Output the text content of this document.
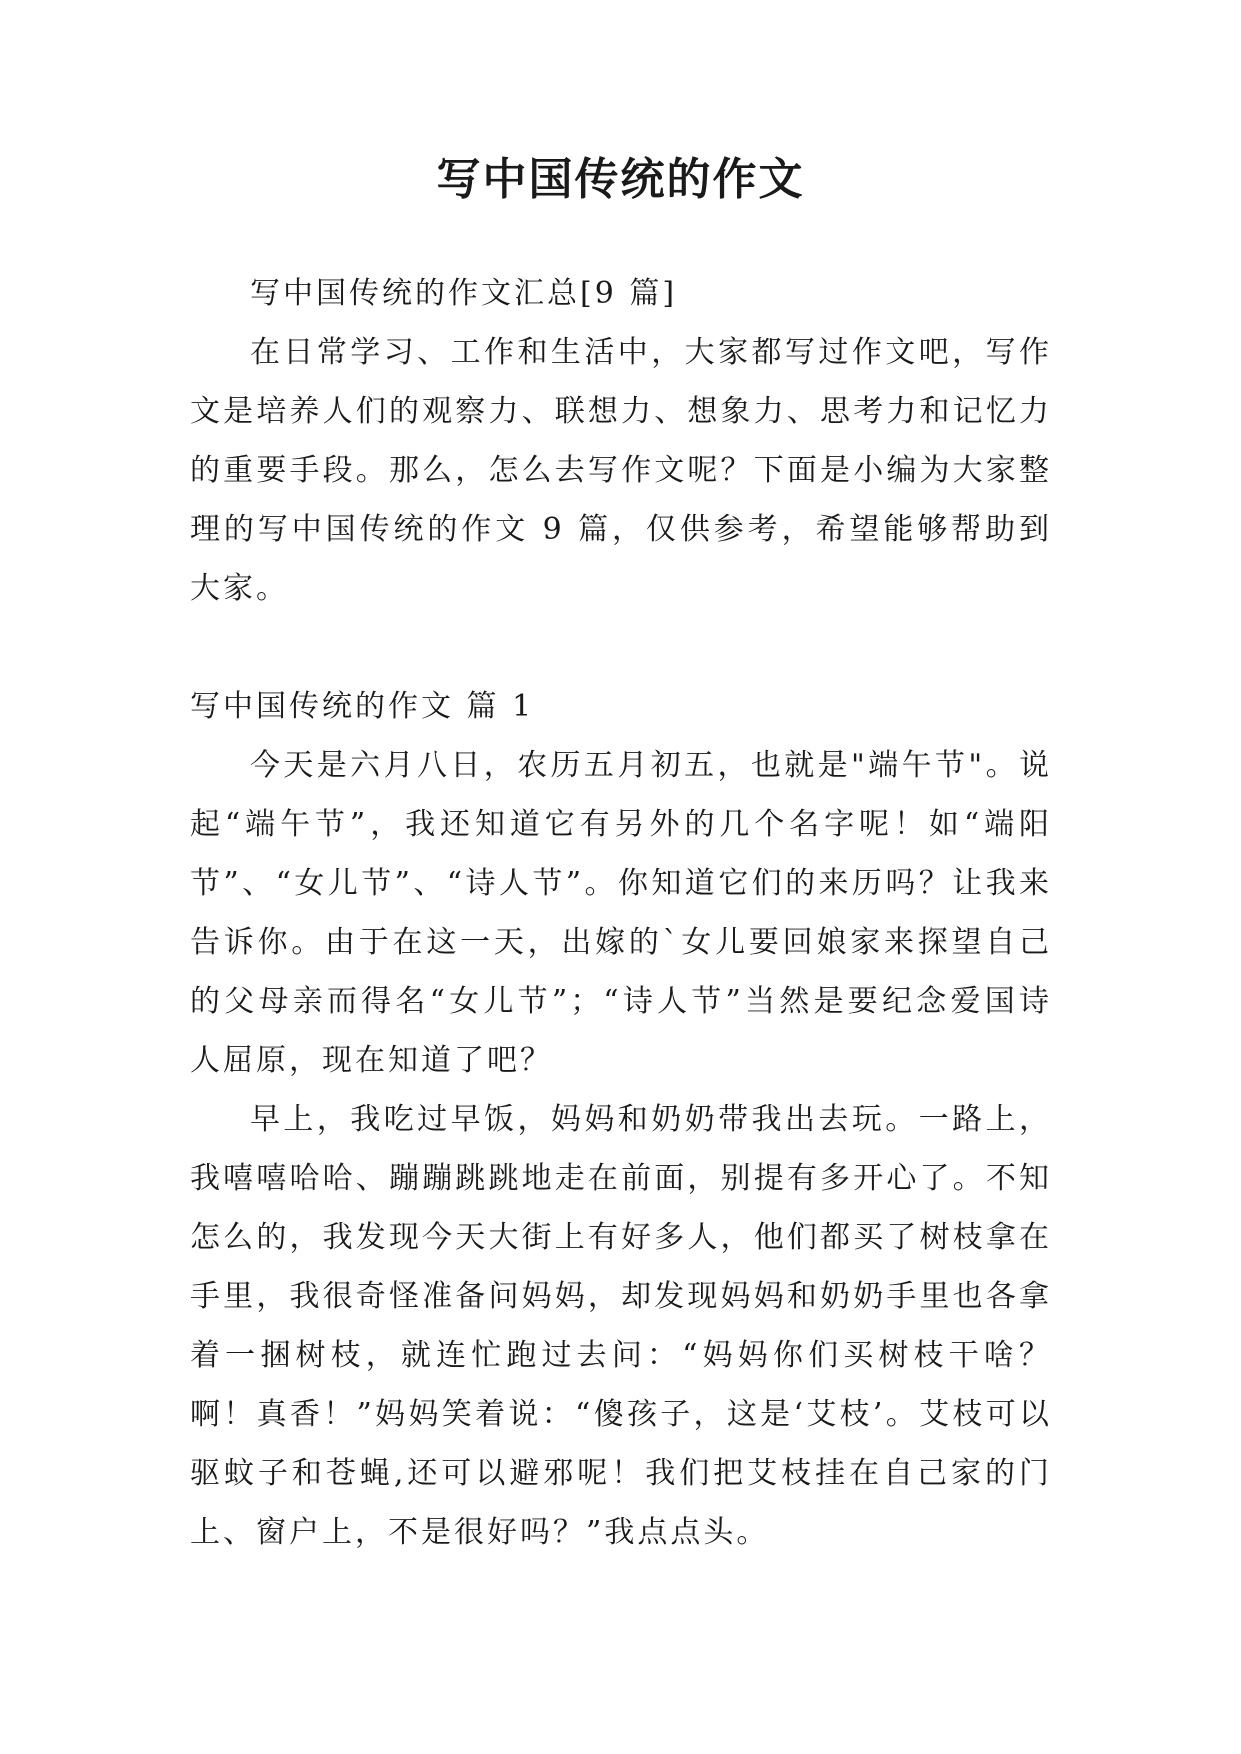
写中国传统的作文

写中国传统的作文汇总[9 篇]

在日常学习、工作和生活中，大家都写过作文吧，写作文是培养人们的观察力、联想力、想象力、思考力和记忆力的重要手段。那么，怎么去写作文呢？下面是小编为大家整理的写中国传统的作文 9 篇，仅供参考，希望能够帮助到大家。

写中国传统的作文 篇 1

今天是六月八日，农历五月初五，也就是"端午节"。说起“端午节”，我还知道它有另外的几个名字呢！如“端阳节”、“女儿节”、“诗人节”。你知道它们的来历吗？让我来告诉你。由于在这一天，出嫁的`女儿要回娘家来探望自己的父母亲而得名“女儿节”；“诗人节”当然是要纪念爱国诗人屈原，现在知道了吧？

早上，我吃过早饭，妈妈和奶奶带我出去玩。一路上，我嘻嘻哈哈、蹦蹦跳跳地走在前面，别提有多开心了。不知怎么的，我发现今天大街上有好多人，他们都买了树枝拿在手里，我很奇怪准备问妈妈，却发现妈妈和奶奶手里也各拿着一捆树枝，就连忙跑过去问：“妈妈你们买树枝干啥？啊！真香！”妈妈笑着说：“傻孩子，这是‘艾枝’。艾枝可以驱蚊子和苍蝇,还可以避邪呢！我们把艾枝挂在自己家的门上、窗户上，不是很好吗？”我点点头。
